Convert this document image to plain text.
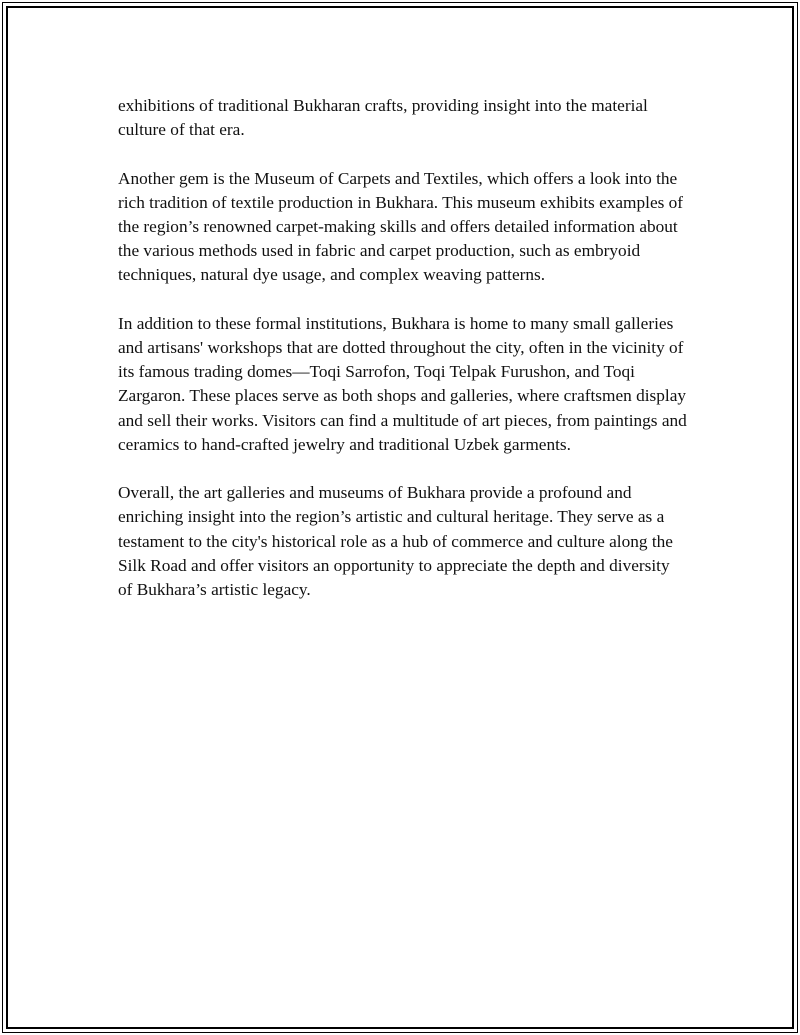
exhibitions of traditional Bukharan crafts, providing insight into the material culture of that era.

Another gem is the Museum of Carpets and Textiles, which offers a look into the rich tradition of textile production in Bukhara. This museum exhibits examples of the region’s renowned carpet-making skills and offers detailed information about the various methods used in fabric and carpet production, such as embryoid techniques, natural dye usage, and complex weaving patterns.

In addition to these formal institutions, Bukhara is home to many small galleries and artisans' workshops that are dotted throughout the city, often in the vicinity of its famous trading domes—Toqi Sarrofon, Toqi Telpak Furushon, and Toqi Zargaron. These places serve as both shops and galleries, where craftsmen display and sell their works. Visitors can find a multitude of art pieces, from paintings and ceramics to hand-crafted jewelry and traditional Uzbek garments.

Overall, the art galleries and museums of Bukhara provide a profound and enriching insight into the region’s artistic and cultural heritage. They serve as a testament to the city's historical role as a hub of commerce and culture along the Silk Road and offer visitors an opportunity to appreciate the depth and diversity of Bukhara’s artistic legacy.
